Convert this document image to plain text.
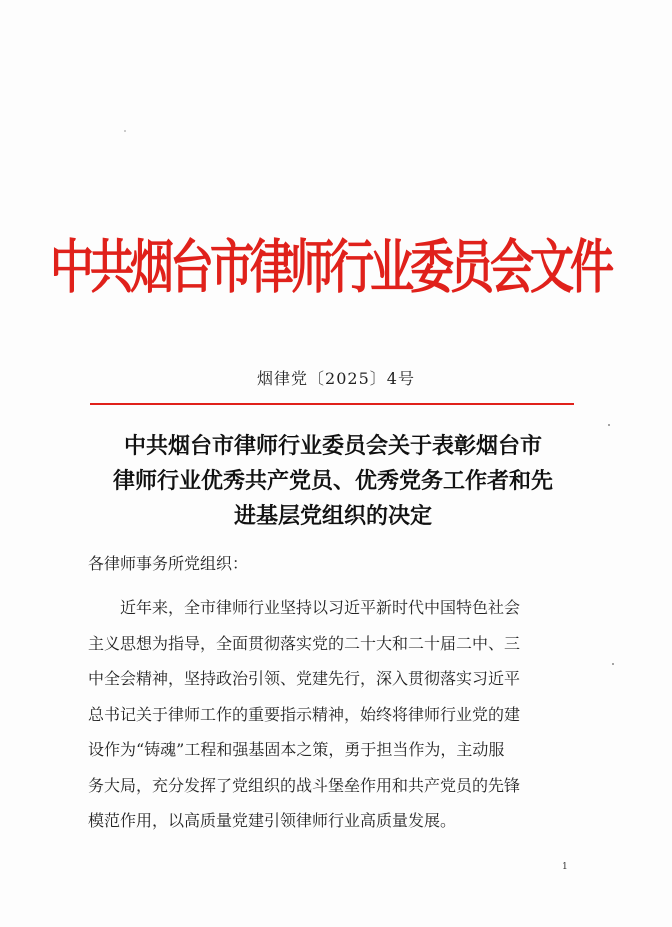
中共烟台市律师行业委员会文件
烟律党〔2025〕4号
中共烟台市律师行业委员会关于表彰烟台市
律师行业优秀共产党员、优秀党务工作者和先
进基层党组织的决定
各律师事务所党组织：
近年来，全市律师行业坚持以习近平新时代中国特色社会
主义思想为指导，全面贯彻落实党的二十大和二十届二中、三
中全会精神，坚持政治引领、党建先行，深入贯彻落实习近平
总书记关于律师工作的重要指示精神，始终将律师行业党的建
设作为“铸魂”工程和强基固本之策，勇于担当作为，主动服
务大局，充分发挥了党组织的战斗堡垒作用和共产党员的先锋
模范作用，以高质量党建引领律师行业高质量发展。
1
